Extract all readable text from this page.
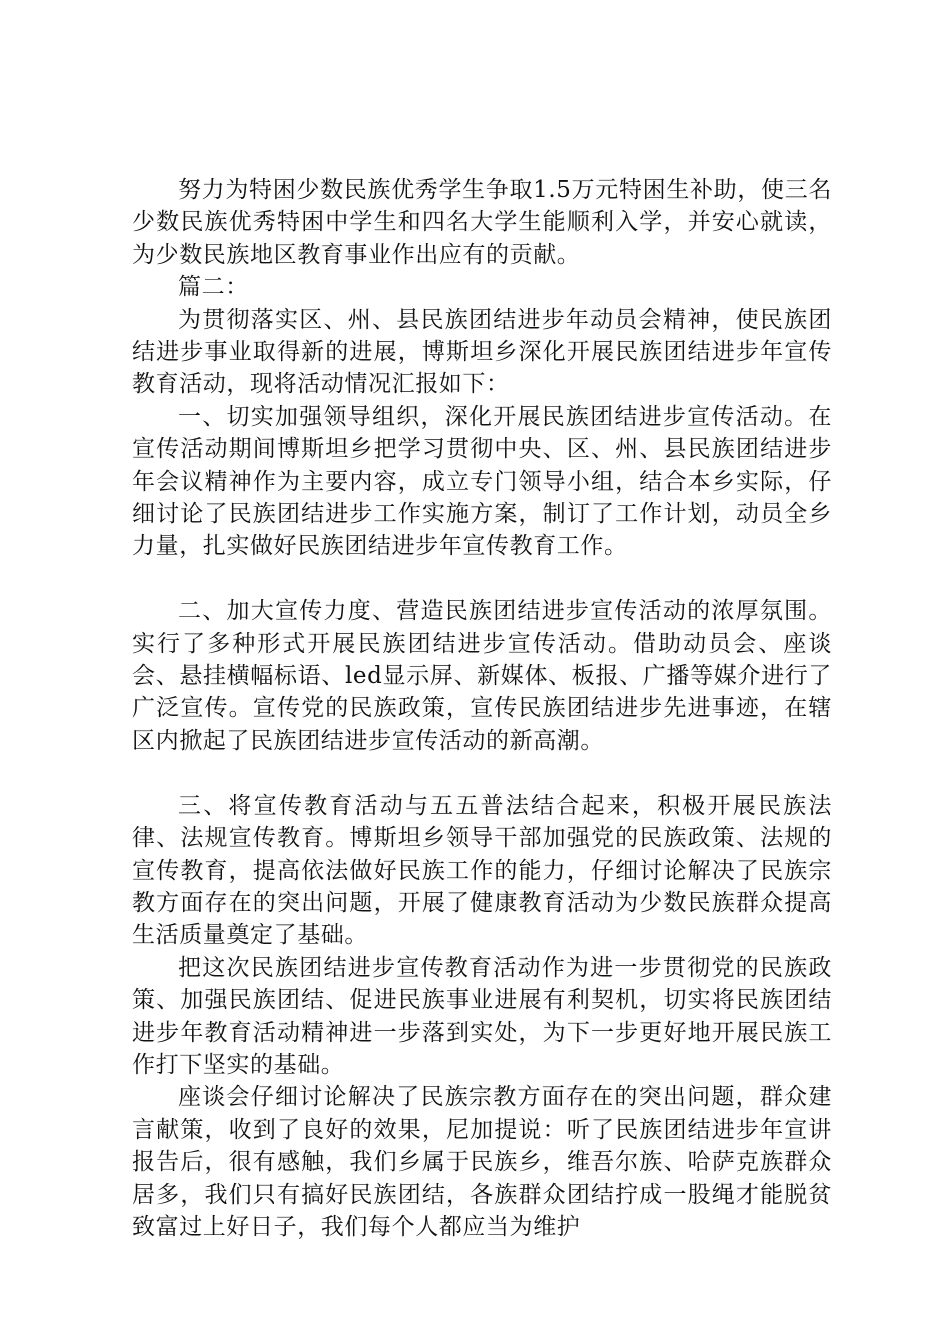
努力为特困少数民族优秀学生争取1.5万元特困生补助，使三名少数民族优秀特困中学生和四名大学生能顺利入学，并安心就读，为少数民族地区教育事业作出应有的贡献。

篇二：

为贯彻落实区、州、县民族团结进步年动员会精神，使民族团结进步事业取得新的进展，博斯坦乡深化开展民族团结进步年宣传教育活动，现将活动情况汇报如下：

一、切实加强领导组织，深化开展民族团结进步宣传活动。在宣传活动期间博斯坦乡把学习贯彻中央、区、州、县民族团结进步年会议精神作为主要内容，成立专门领导小组，结合本乡实际，仔细讨论了民族团结进步工作实施方案，制订了工作计划，动员全乡力量，扎实做好民族团结进步年宣传教育工作。

二、加大宣传力度、营造民族团结进步宣传活动的浓厚氛围。实行了多种形式开展民族团结进步宣传活动。借助动员会、座谈会、悬挂横幅标语、led显示屏、新媒体、板报、广播等媒介进行了广泛宣传。宣传党的民族政策，宣传民族团结进步先进事迹，在辖区内掀起了民族团结进步宣传活动的新高潮。

三、将宣传教育活动与五五普法结合起来，积极开展民族法律、法规宣传教育。博斯坦乡领导干部加强党的民族政策、法规的宣传教育，提高依法做好民族工作的能力，仔细讨论解决了民族宗教方面存在的突出问题，开展了健康教育活动为少数民族群众提高生活质量奠定了基础。

把这次民族团结进步宣传教育活动作为进一步贯彻党的民族政策、加强民族团结、促进民族事业进展有利契机，切实将民族团结进步年教育活动精神进一步落到实处，为下一步更好地开展民族工作打下坚实的基础。

座谈会仔细讨论解决了民族宗教方面存在的突出问题，群众建言献策，收到了良好的效果，尼加提说：听了民族团结进步年宣讲报告后，很有感触，我们乡属于民族乡，维吾尔族、哈萨克族群众居多，我们只有搞好民族团结，各族群众团结拧成一股绳才能脱贫致富过上好日子，我们每个人都应当为维护
